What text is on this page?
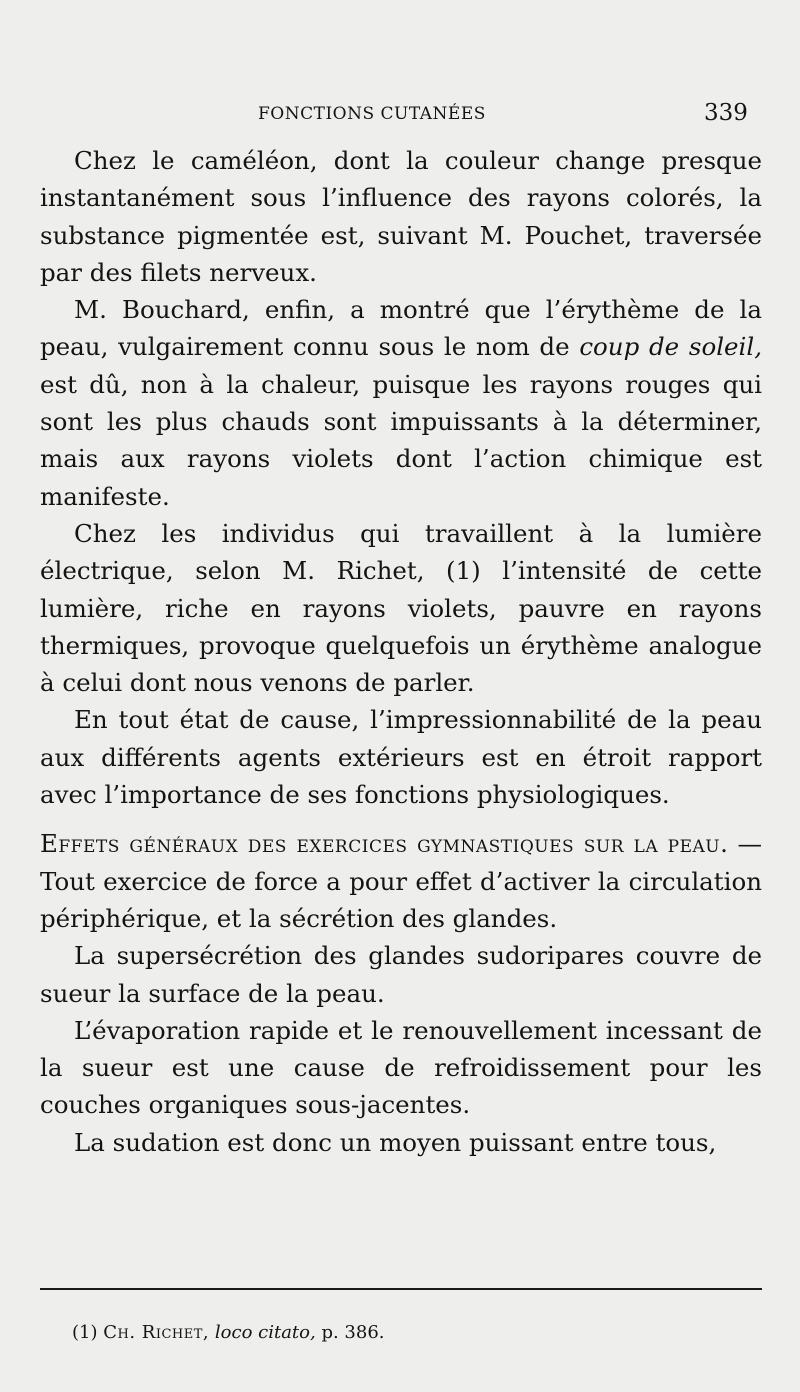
FONCTIONS CUTANÉES	339

Chez le caméléon, dont la couleur change presque instantanément sous l’influence des rayons colorés, la substance pigmentée est, suivant M. Pouchet, traversée par des filets nerveux.

M. Bouchard, enfin, a montré que l’érythème de la peau, vulgairement connu sous le nom de coup de soleil, est dû, non à la chaleur, puisque les rayons rouges qui sont les plus chauds sont impuissants à la déterminer, mais aux rayons violets dont l’action chimique est manifeste.

Chez les individus qui travaillent à la lumière électrique, selon M. Richet, (1) l’intensité de cette lumière, riche en rayons violets, pauvre en rayons thermiques, provoque quelquefois un érythème analogue à celui dont nous venons de parler.

En tout état de cause, l’impressionnabilité de la peau aux différents agents extérieurs est en étroit rapport avec l’importance de ses fonctions physiologiques.

Effets généraux des exercices gymnastiques sur la peau. — Tout exercice de force a pour effet d’activer la circulation périphérique, et la sécrétion des glandes.

La supersécrétion des glandes sudoripares couvre de sueur la surface de la peau.

L’évaporation rapide et le renouvellement incessant de la sueur est une cause de refroidissement pour les couches organiques sous-jacentes.

La sudation est donc un moyen puissant entre tous,

(1) Ch. Richet, loco citato, p. 386.
